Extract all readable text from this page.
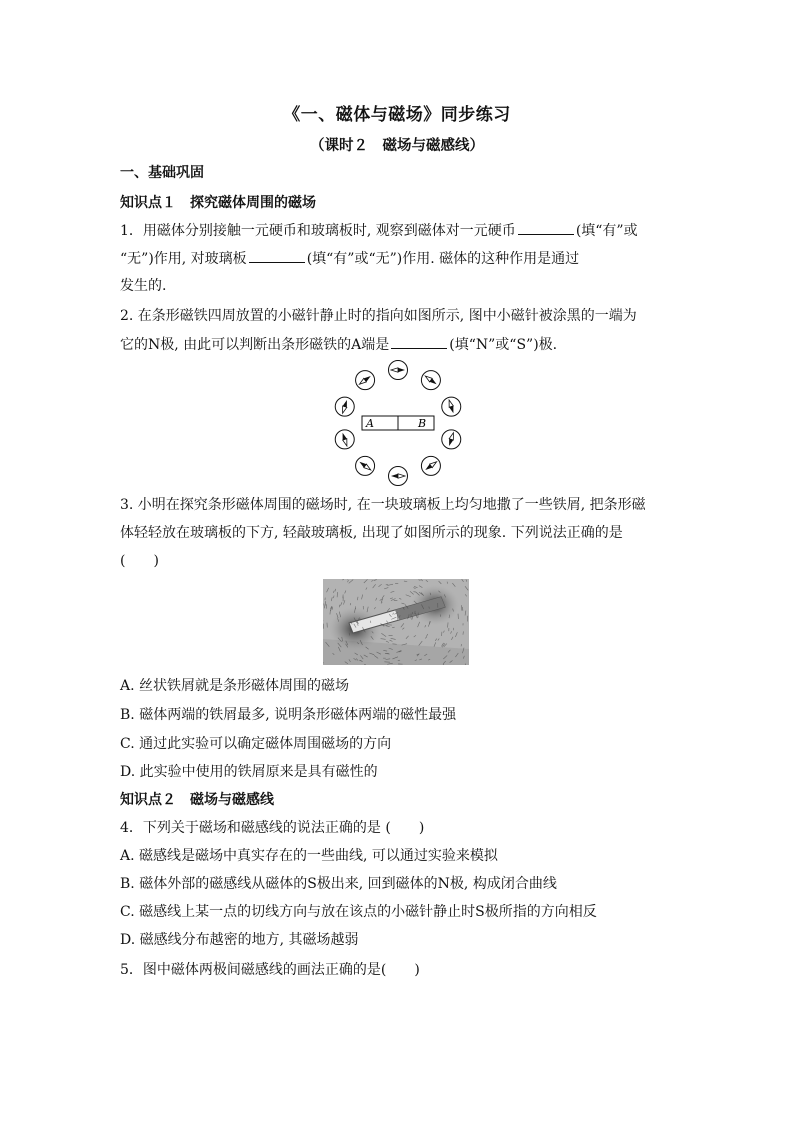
《一、磁体与磁场》同步练习
（课时２　磁场与磁感线）
一、基础巩固
知识点１　探究磁体周围的磁场
1．用磁体分别接触一元硬币和玻璃板时, 观察到磁体对一元硬币	(填“有”或
“无”)作用, 对玻璃板	(填“有”或“无”)作用. 磁体的这种作用是通过
发生的.
2. 在条形磁铁四周放置的小磁针静止时的指向如图所示, 图中小磁针被涂黑的一端为
它的N极, 由此可以判断出条形磁铁的A端是	(填“N”或“S”)极.
A	B
3. 小明在探究条形磁体周围的磁场时, 在一块玻璃板上均匀地撒了一些铁屑, 把条形磁
体轻轻放在玻璃板的下方, 轻敲玻璃板, 出现了如图所示的现象. 下列说法正确的是
(　　)
A. 丝状铁屑就是条形磁体周围的磁场
B. 磁体两端的铁屑最多, 说明条形磁体两端的磁性最强
C. 通过此实验可以确定磁体周围磁场的方向
D. 此实验中使用的铁屑原来是具有磁性的
知识点２　磁场与磁感线
4．下列关于磁场和磁感线的说法正确的是 (　　)
A. 磁感线是磁场中真实存在的一些曲线, 可以通过实验来模拟
B. 磁体外部的磁感线从磁体的S极出来, 回到磁体的N极, 构成闭合曲线
C. 磁感线上某一点的切线方向与放在该点的小磁针静止时S极所指的方向相反
D. 磁感线分布越密的地方, 其磁场越弱
5．图中磁体两极间磁感线的画法正确的是(　　)
